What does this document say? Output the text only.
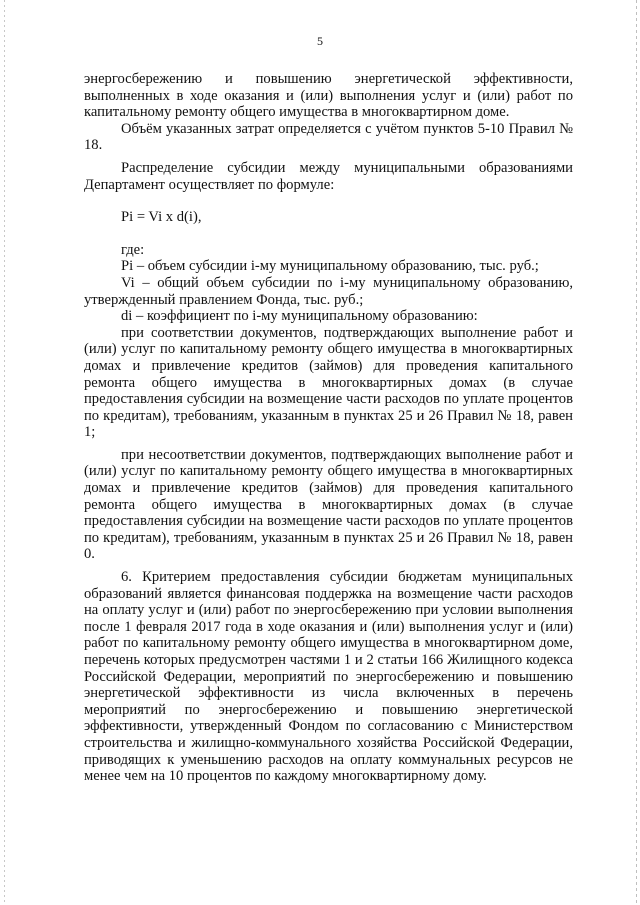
5

энергосбережению и повышению энергетической эффективности, выполненных в ходе оказания и (или) выполнения услуг и (или) работ по капитальному ремонту общего имущества в многоквартирном доме.

Объём указанных затрат определяется с учётом пунктов 5-10 Правил № 18.

Распределение субсидии между муниципальными образованиями Департамент осуществляет по формуле:

Pi = Vi x d(i),

где:

Pi – объем субсидии i-му муниципальному образованию, тыс. руб.;

Vi – общий объем субсидии по i-му муниципальному образованию, утвержденный правлением Фонда, тыс. руб.;

di – коэффициент по i-му муниципальному образованию:

при соответствии документов, подтверждающих выполнение работ и (или) услуг по капитальному ремонту общего имущества в многоквартирных домах и привлечение кредитов (займов) для проведения капитального ремонта общего имущества в многоквартирных домах (в случае предоставления субсидии на возмещение части расходов по уплате процентов по кредитам), требованиям, указанным в пунктах 25 и 26 Правил № 18, равен 1;

при несоответствии документов, подтверждающих выполнение работ и (или) услуг по капитальному ремонту общего имущества в многоквартирных домах и привлечение кредитов (займов) для проведения капитального ремонта общего имущества в многоквартирных домах (в случае предоставления субсидии на возмещение части расходов по уплате процентов по кредитам), требованиям, указанным в пунктах 25 и 26 Правил № 18, равен 0.

6. Критерием предоставления субсидии бюджетам муниципальных образований является финансовая поддержка на возмещение части расходов на оплату услуг и (или) работ по энергосбережению при условии выполнения после 1 февраля 2017 года в ходе оказания и (или) выполнения услуг и (или) работ по капитальному ремонту общего имущества в многоквартирном доме, перечень которых предусмотрен частями 1 и 2 статьи 166 Жилищного кодекса Российской Федерации, мероприятий по энергосбережению и повышению энергетической эффективности из числа включенных в перечень мероприятий по энергосбережению и повышению энергетической эффективности, утвержденный Фондом по согласованию с Министерством строительства и жилищно-коммунального хозяйства Российской Федерации, приводящих к уменьшению расходов на оплату коммунальных ресурсов не менее чем на 10 процентов по каждому многоквартирному дому.
